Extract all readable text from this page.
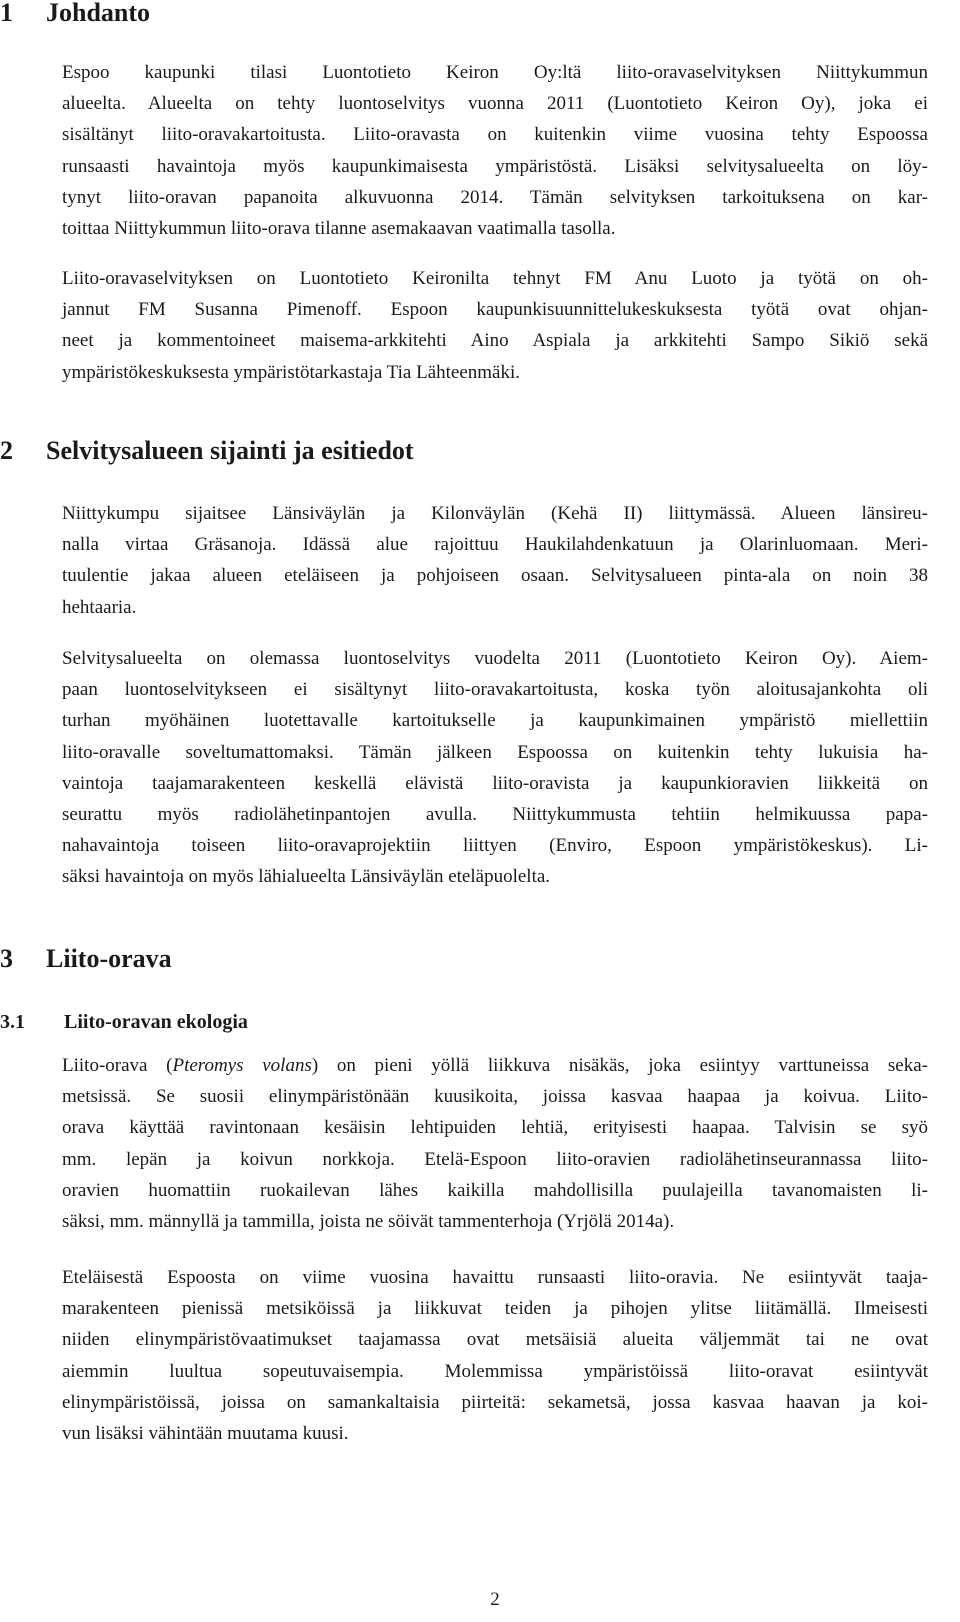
1 Johdanto
Espoo kaupunki tilasi Luontotieto Keiron Oy:ltä liito-oravaselvityksen Niittykummun
alueelta. Alueelta on tehty luontoselvitys vuonna 2011 (Luontotieto Keiron Oy), joka ei
sisältänyt liito-oravakartoitusta. Liito-oravasta on kuitenkin viime vuosina tehty Espoossa
runsaasti havaintoja myös kaupunkimaisesta ympäristöstä. Lisäksi selvitysalueelta on löy-
tynyt liito-oravan papanoita alkuvuonna 2014. Tämän selvityksen tarkoituksena on kar-
toittaa Niittykummun liito-orava tilanne asemakaavan vaatimalla tasolla.
Liito-oravaselvityksen on Luontotieto Keironilta tehnyt FM Anu Luoto ja työtä on oh-
jannut FM Susanna Pimenoff. Espoon kaupunkisuunnittelukeskuksesta työtä ovat ohjan-
neet ja kommentoineet maisema-arkkitehti Aino Aspiala ja arkkitehti Sampo Sikiö sekä
ympäristökeskuksesta ympäristötarkastaja Tia Lähteenmäki.
2 Selvitysalueen sijainti ja esitiedot
Niittykumpu sijaitsee Länsiväylän ja Kilonväylän (Kehä II) liittymässä. Alueen länsireu-
nalla virtaa Gräsanoja. Idässä alue rajoittuu Haukilahdenkatuun ja Olarinluomaan. Meri-
tuulentie jakaa alueen eteläiseen ja pohjoiseen osaan. Selvitysalueen pinta-ala on noin 38
hehtaaria.
Selvitysalueelta on olemassa luontoselvitys vuodelta 2011 (Luontotieto Keiron Oy). Aiem-
paan luontoselvitykseen ei sisältynyt liito-oravakartoitusta, koska työn aloitusajankohta oli
turhan myöhäinen luotettavalle kartoitukselle ja kaupunkimainen ympäristö miellettiin
liito-oravalle soveltumattomaksi. Tämän jälkeen Espoossa on kuitenkin tehty lukuisia ha-
vaintoja taajamarakenteen keskellä elävistä liito-oravista ja kaupunkioravien liikkeitä on
seurattu myös radiolähetinpantojen avulla. Niittykummusta tehtiin helmikuussa papa-
nahavaintoja toiseen liito-oravaprojektiin liittyen (Enviro, Espoon ympäristökeskus). Li-
säksi havaintoja on myös lähialueelta Länsiväylän eteläpuolelta.
3 Liito-orava
3.1 Liito-oravan ekologia
Liito-orava (Pteromys volans) on pieni yöllä liikkuva nisäkäs, joka esiintyy varttuneissa seka-
metsissä. Se suosii elinympäristönään kuusikoita, joissa kasvaa haapaa ja koivua. Liito-
orava käyttää ravintonaan kesäisin lehtipuiden lehtiä, erityisesti haapaa. Talvisin se syö
mm. lepän ja koivun norkkoja. Etelä-Espoon liito-oravien radiolähetinseurannassa liito-
oravien huomattiin ruokailevan lähes kaikilla mahdollisilla puulajeilla tavanomaisten li-
säksi, mm. männyllä ja tammilla, joista ne söivät tammenterhoja (Yrjölä 2014a).
Eteläisestä Espoosta on viime vuosina havaittu runsaasti liito-oravia. Ne esiintyvät taaja-
marakenteen pienissä metsiköissä ja liikkuvat teiden ja pihojen ylitse liitämällä. Ilmeisesti
niiden elinympäristövaatimukset taajamassa ovat metsäisiä alueita väljemmät tai ne ovat
aiemmin luultua sopeutuvaisempia. Molemmissa ympäristöissä liito-oravat esiintyvät
elinympäristöissä, joissa on samankaltaisia piirteitä: sekametsä, jossa kasvaa haavan ja koi-
vun lisäksi vähintään muutama kuusi.
2
